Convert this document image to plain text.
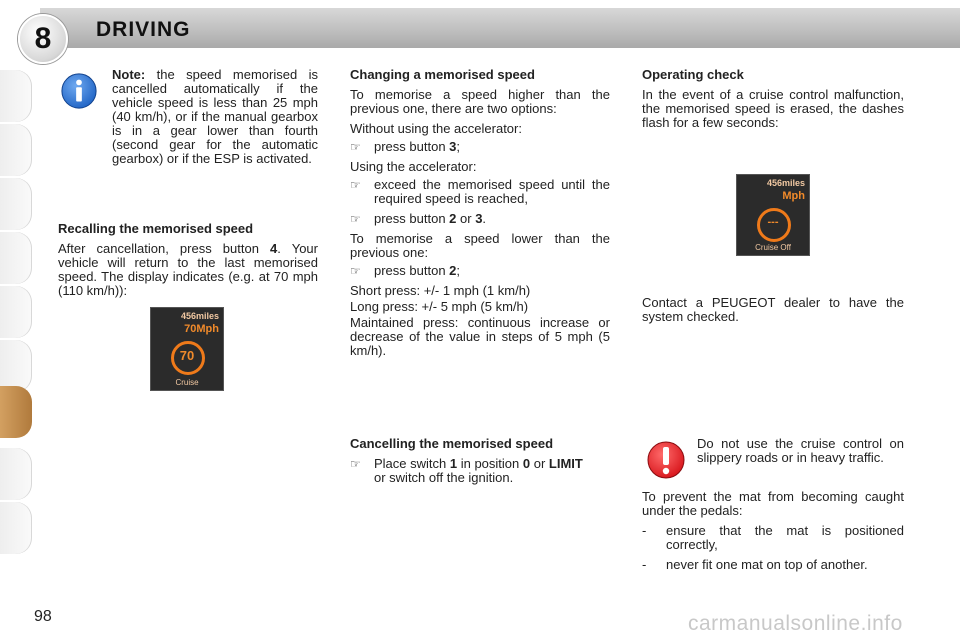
8	DRIVING

Note: the speed memorised is cancelled automatically if the vehicle speed is less than 25 mph (40 km/h), or if the manual gearbox is in a gear lower than fourth (second gear for the automatic gearbox) or if the ESP is activated.

Recalling the memorised speed

After cancellation, press button 4. Your vehicle will return to the last memorised speed. The display indicates (e.g. at 70 mph (110 km/h)):

456miles
70Mph
70
Cruise

Changing a memorised speed

To memorise a speed higher than the previous one, there are two options:

Without using the accelerator:

☞	press button 3;

Using the accelerator:

☞	exceed the memorised speed until the required speed is reached,
☞	press button 2 or 3.

To memorise a speed lower than the previous one:

☞	press button 2;

Short press: +/- 1 mph (1 km/h)

Long press: +/- 5 mph (5 km/h)

Maintained press: continuous increase or decrease of the value in steps of 5 mph (5 km/h).

Cancelling the memorised speed

☞	Place switch 1 in position 0 or LIMIT
or switch off the ignition.

Operating check

In the event of a cruise control malfunction, the memorised speed is erased, the dashes flash for a few seconds:

456miles
Mph
---
Cruise Off

Contact a PEUGEOT dealer to have the system checked.

Do not use the cruise control on slippery roads or in heavy traffic.

To prevent the mat from becoming caught under the pedals:

-	ensure that the mat is positioned correctly,
-	never fit one mat on top of another.
98	carmanualsonline.info
